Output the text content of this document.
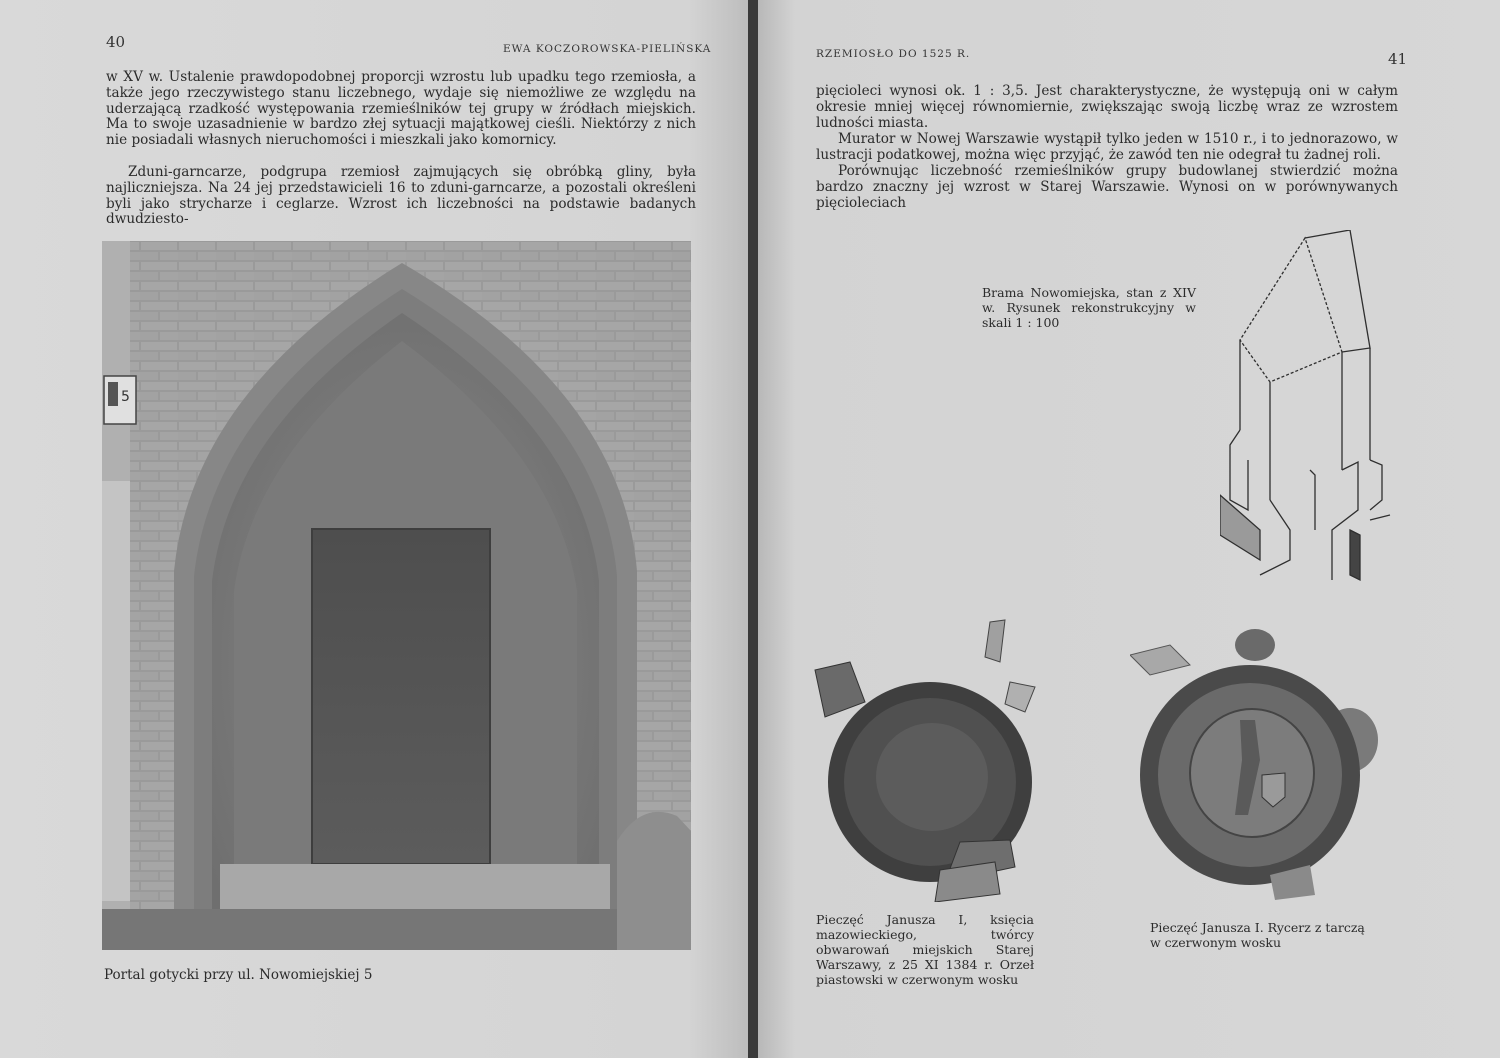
40	EWA KOCZOROWSKA-PIELIŃSKA

w XV w. Ustalenie prawdopodobnej proporcji wzrostu lub upadku tego rzemiosła, a także jego rzeczywistego stanu liczebnego, wydaje się niemożliwe ze względu na uderzającą rzadkość występowania rzemieślników tej grupy w źródłach miejskich. Ma to swoje uzasadnienie w bardzo złej sytuacji majątkowej cieśli. Niektórzy z nich nie posiadali własnych nieruchomości i mieszkali jako komornicy.

Zduni-garncarze, podgrupa rzemiosł zajmujących się obróbką gliny, była najliczniejsza. Na 24 jej przedstawicieli 16 to zduni-garncarze, a pozostali określeni byli jako strycharze i ceglarze. Wzrost ich liczebności na podstawie badanych dwudziesto-

5
Portal gotycki przy ul. Nowomiejskiej 5
RZEMIOSŁO DO 1525 R.	41

pięcioleci wynosi ok. 1 : 3,5. Jest charakterystyczne, że występują oni w całym okresie mniej więcej równomiernie, zwiększając swoją liczbę wraz ze wzrostem ludności miasta.

Murator w Nowej Warszawie wystąpił tylko jeden w 1510 r., i to jednorazowo, w lustracji podatkowej, można więc przyjąć, że zawód ten nie odegrał tu żadnej roli.

Porównując liczebność rzemieślników grupy budowlanej stwierdzić można bardzo znaczny jej wzrost w Starej Warszawie. Wynosi on w porównywanych pięcioleciach

Brama Nowomiejska, stan z XIV w. Rysunek rekonstrukcyjny w skali 1 : 100
Pieczęć Janusza I, księcia mazowieckiego, twórcy obwarowań miejskich Starej Warszawy, z 25 XI 1384 r. Orzeł piastowski w czerwonym wosku
Pieczęć Janusza I. Rycerz z tarczą w czerwonym wosku
